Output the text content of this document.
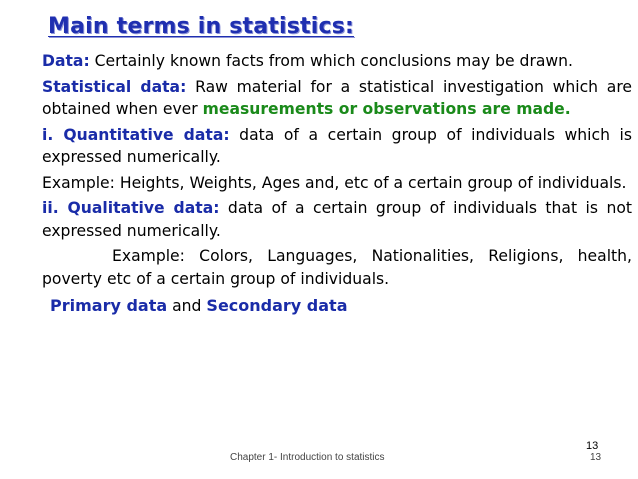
Main terms in statistics:

Data: Certainly known facts from which conclusions may be drawn.

Statistical data: Raw material for a statistical investigation which are obtained when ever measurements or observations are made.

i. Quantitative data: data of a certain group of individuals which is expressed numerically.

Example: Heights, Weights, Ages and, etc of a certain group of individuals.

ii. Qualitative data: data of a certain group of individuals that is not expressed numerically.

Example: Colors, Languages, Nationalities, Religions, health, poverty etc of a certain group of individuals.

Primary data and Secondary data

13
Chapter 1- Introduction to statistics	13
